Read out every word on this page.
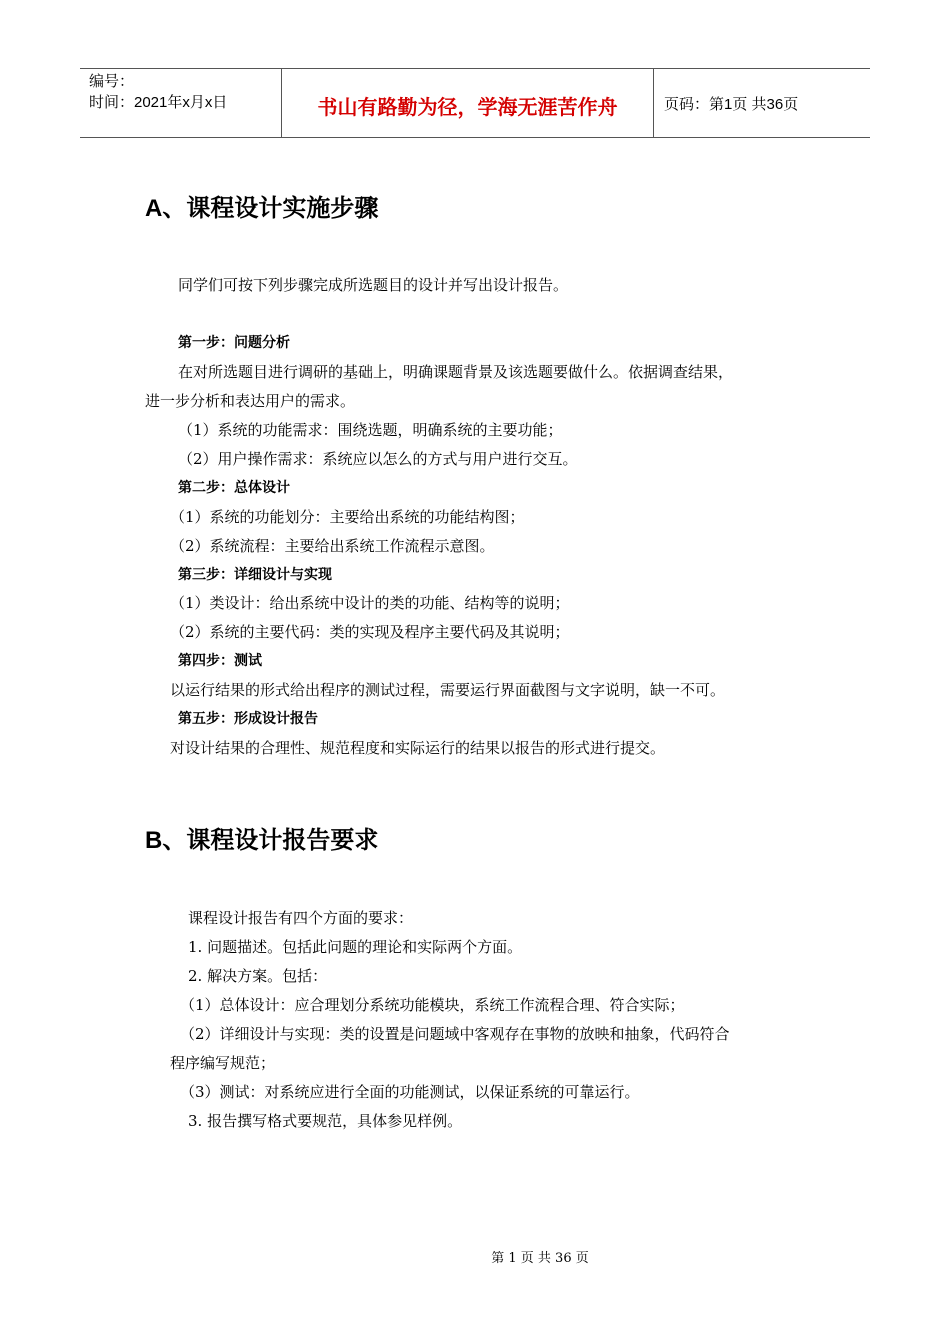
编号：
时间：2021年x月x日	书山有路勤为径，学海无涯苦作舟	页码：第1页 共36页
A、课程设计实施步骤
同学们可按下列步骤完成所选题目的设计并写出设计报告。
第一步：问题分析
在对所选题目进行调研的基础上，明确课题背景及该选题要做什么。依据调查结果，
进一步分析和表达用户的需求。
（1）系统的功能需求：围绕选题，明确系统的主要功能；
（2）用户操作需求：系统应以怎么的方式与用户进行交互。
第二步：总体设计
（1）系统的功能划分：主要给出系统的功能结构图；
（2）系统流程：主要给出系统工作流程示意图。
第三步：详细设计与实现
（1）类设计：给出系统中设计的类的功能、结构等的说明；
（2）系统的主要代码：类的实现及程序主要代码及其说明；
第四步：测试
以运行结果的形式给出程序的测试过程，需要运行界面截图与文字说明，缺一不可。
第五步：形成设计报告
对设计结果的合理性、规范程度和实际运行的结果以报告的形式进行提交。
B、课程设计报告要求
课程设计报告有四个方面的要求：
1. 问题描述。包括此问题的理论和实际两个方面。
2. 解决方案。包括：
（1）总体设计：应合理划分系统功能模块，系统工作流程合理、符合实际；
（2）详细设计与实现：类的设置是问题域中客观存在事物的放映和抽象，代码符合
程序编写规范；
（3）测试：对系统应进行全面的功能测试，以保证系统的可靠运行。
3. 报告撰写格式要规范，具体参见样例。
第 1 页 共 36 页
